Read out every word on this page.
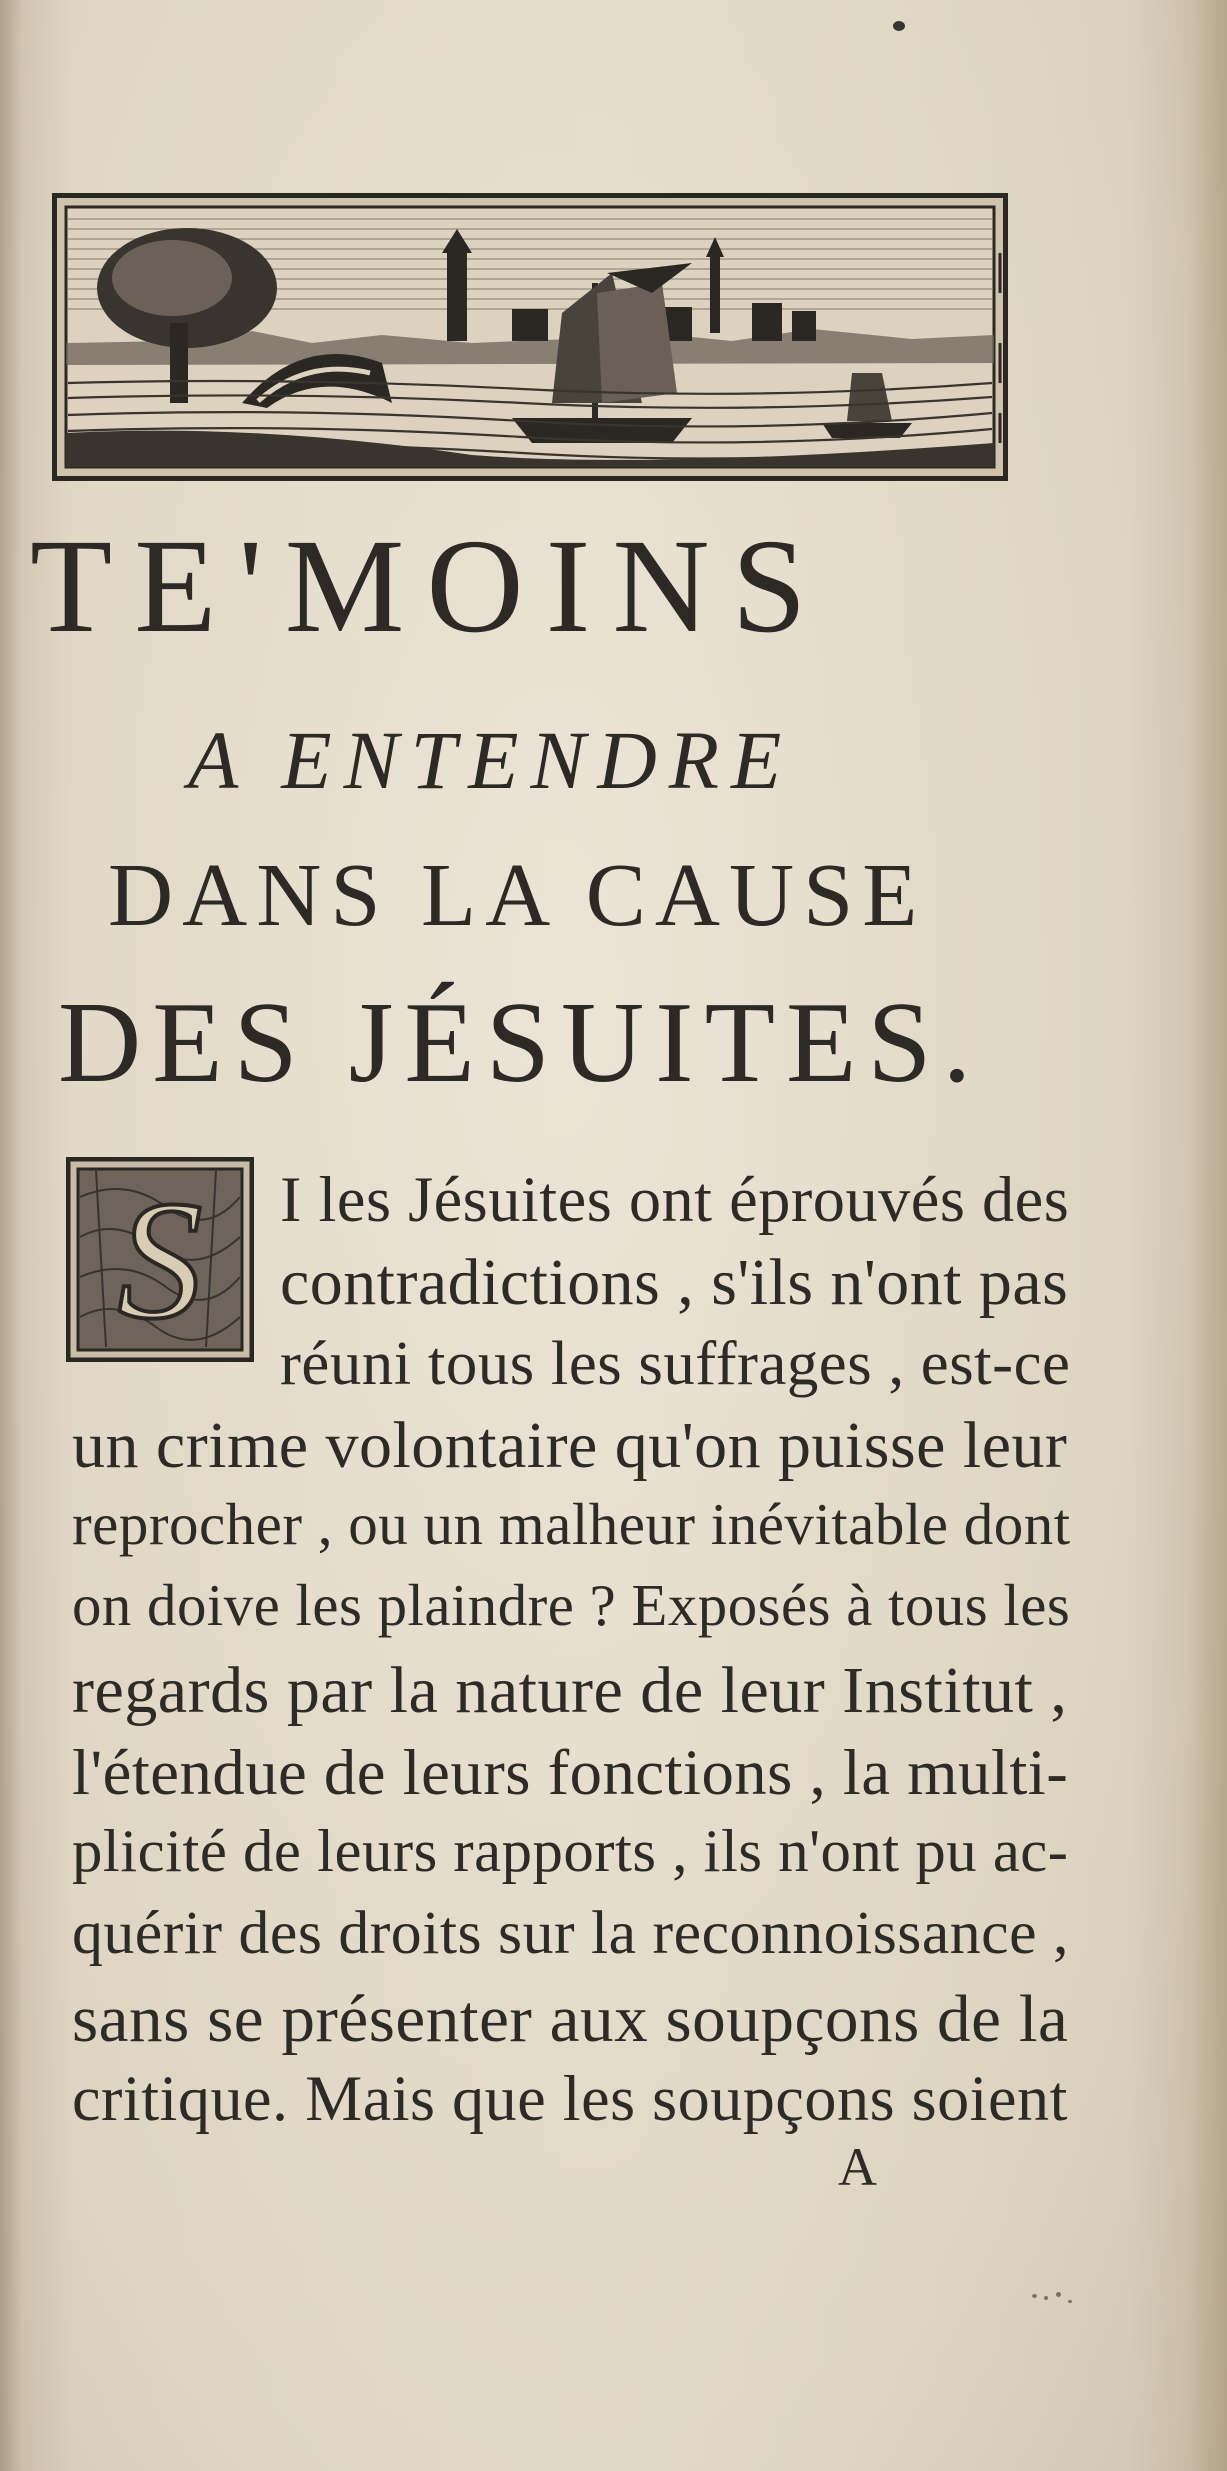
TE'MOINS
A ENTENDRE
DANS LA CAUSE
DES JÉSUITES.
S I les Jésuites ont éprouvés des
contradictions , s'ils n'ont pas
réuni tous les suffrages , est-ce
un crime volontaire qu'on puisse leur
reprocher , ou un malheur inévitable dont
on doive les plaindre ? Exposés à tous les
regards par la nature de leur Institut ,
l'étendue de leurs fonctions , la multi-
plicité de leurs rapports , ils n'ont pu ac-
quérir des droits sur la reconnoissance ,
sans se présenter aux soupçons de la
critique. Mais que les soupçons soient
A
